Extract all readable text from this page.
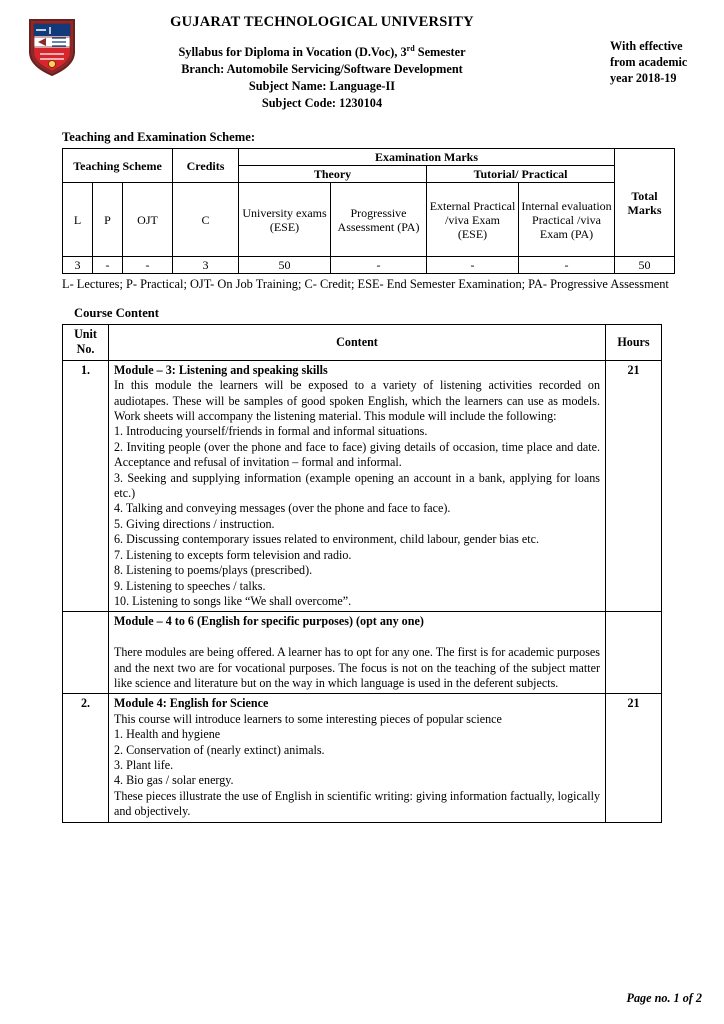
GUJARAT TECHNOLOGICAL UNIVERSITY
Syllabus for Diploma in Vocation (D.Voc), 3rd Semester
Branch: Automobile Servicing/Software Development
Subject Name: Language-II
Subject Code: 1230104
With effective from academic year 2018-19
Teaching and Examination Scheme:
Teaching Scheme			Credits	Examination Marks				Total Marks
				Theory		Tutorial/ Practical		
L	P	OJT	C	University exams (ESE)	Progressive Assessment (PA)	External Practical /viva Exam (ESE)	Internal evaluation Practical /viva Exam (PA)	
3	-	-	3	50	-	-	-	50
L- Lectures; P- Practical; OJT- On Job Training; C- Credit; ESE- End Semester Examination; PA- Progressive Assessment
Course Content
Unit No.	Content	Hours
1.	Module – 3: Listening and speaking skills

In this module the learners will be exposed to a variety of listening activities recorded on audiotapes. These will be samples of good spoken English, which the learners can use as models. Work sheets will accompany the listening material. This module will include the following:

1. Introducing yourself/friends in formal and informal situations.

2. Inviting people (over the phone and face to face) giving details of occasion, time place and date. Acceptance and refusal of invitation – formal and informal.

3. Seeking and supplying information (example opening an account in a bank, applying for loans etc.)

4. Talking and conveying messages (over the phone and face to face).

5. Giving directions / instruction.

6. Discussing contemporary issues related to environment, child labour, gender bias etc.

7. Listening to excepts form television and radio.

8. Listening to poems/plays (prescribed).

9. Listening to speeches / talks.

10. Listening to songs like “We shall overcome”.

	21

	Module – 4 to 6 (English for specific purposes) (opt any one)

There modules are being offered. A learner has to opt for any one. The first is for academic purposes and the next two are for vocational purposes. The focus is not on the teaching of the subject matter like science and literature but on the way in which language is used in the deferent subjects.	

2.	Module 4: English for Science

This course will introduce learners to some interesting pieces of popular science

1. Health and hygiene

2. Conservation of (nearly extinct) animals.

3. Plant life.

4. Bio gas / solar energy.

These pieces illustrate the use of English in scientific writing: giving information factually, logically and objectively.

	21
Page no. 1 of 2
